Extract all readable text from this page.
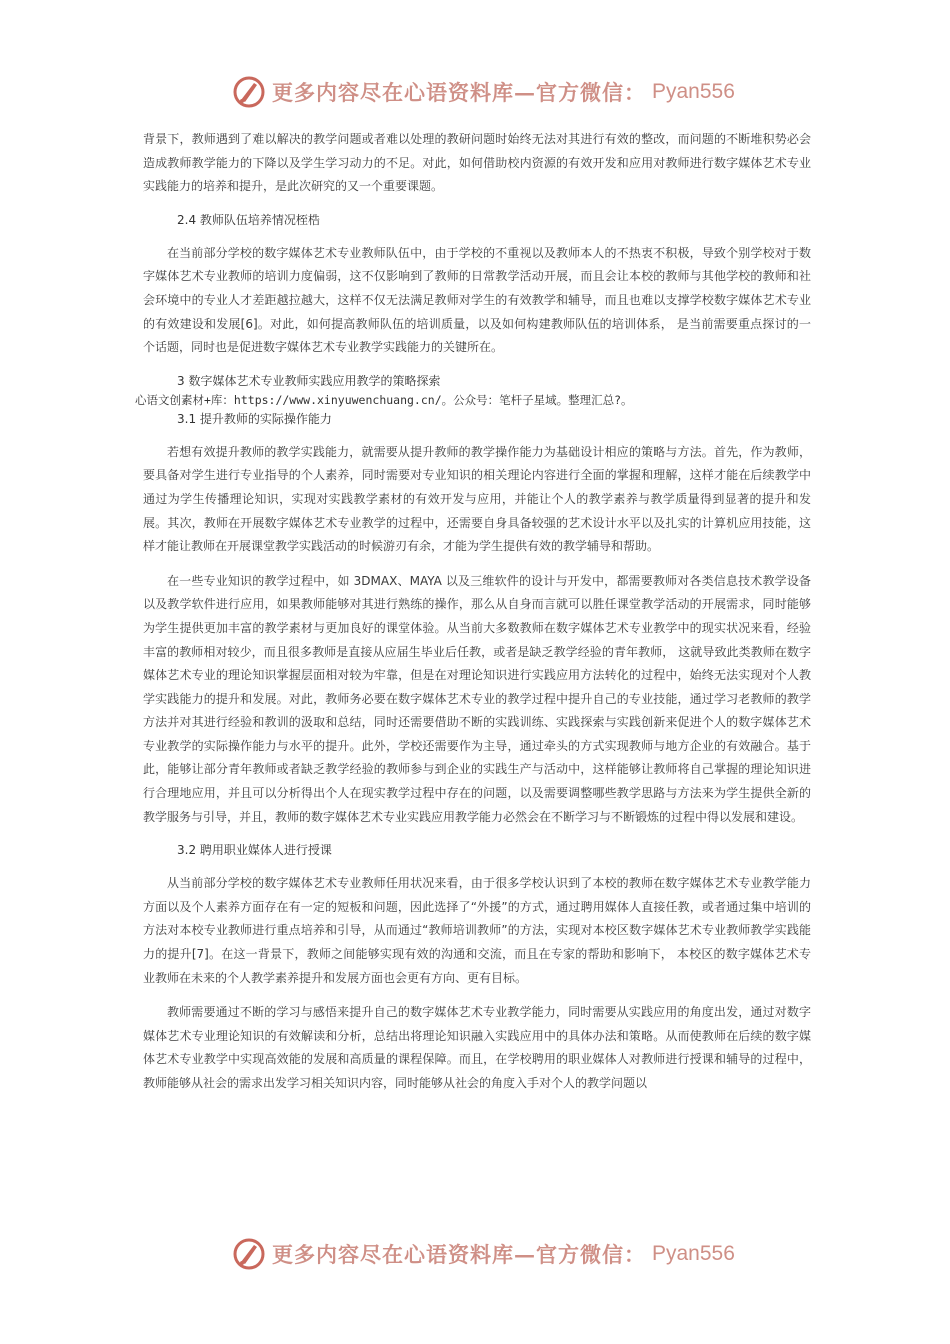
更多内容尽在心语资料库—官方微信： Pyan556

背景下，教师遇到了难以解决的教学问题或者难以处理的教研问题时始终无法对其进行有效的整改，而问题的不断堆积势必会造成教师教学能力的下降以及学生学习动力的不足。对此，如何借助校内资源的有效开发和应用对教师进行数字媒体艺术专业实践能力的培养和提升，是此次研究的又一个重要课题。

2.4 教师队伍培养情况桎梏

在当前部分学校的数字媒体艺术专业教师队伍中，由于学校的不重视以及教师本人的不热衷不积极，导致个别学校对于数字媒体艺术专业教师的培训力度偏弱，这不仅影响到了教师的日常教学活动开展，而且会让本校的教师与其他学校的教师和社会环境中的专业人才差距越拉越大，这样不仅无法满足教师对学生的有效教学和辅导，而且也难以支撑学校数字媒体艺术专业的有效建设和发展[6]。对此，如何提高教师队伍的培训质量，以及如何构建教师队伍的培训体系， 是当前需要重点探讨的一个话题，同时也是促进数字媒体艺术专业教学实践能力的关键所在。

3 数字媒体艺术专业教师实践应用教学的策略探索
心语文创素材+库：https://www.xinyuwenchuang.cn/。公众号：笔杆子星域。整理汇总?。
3.1 提升教师的实际操作能力

若想有效提升教师的教学实践能力，就需要从提升教师的教学操作能力为基础设计相应的策略与方法。首先，作为教师，要具备对学生进行专业指导的个人素养，同时需要对专业知识的相关理论内容进行全面的掌握和理解，这样才能在后续教学中通过为学生传播理论知识，实现对实践教学素材的有效开发与应用，并能让个人的教学素养与教学质量得到显著的提升和发展。其次，教师在开展数字媒体艺术专业教学的过程中，还需要自身具备较强的艺术设计水平以及扎实的计算机应用技能，这样才能让教师在开展课堂教学实践活动的时候游刃有余，才能为学生提供有效的教学辅导和帮助。

在一些专业知识的教学过程中，如 3DMAX、MAYA 以及三维软件的设计与开发中，都需要教师对各类信息技术教学设备以及教学软件进行应用，如果教师能够对其进行熟练的操作，那么从自身而言就可以胜任课堂教学活动的开展需求，同时能够为学生提供更加丰富的教学素材与更加良好的课堂体验。从当前大多数教师在数字媒体艺术专业教学中的现实状况来看，经验丰富的教师相对较少，而且很多教师是直接从应届生毕业后任教，或者是缺乏教学经验的青年教师， 这就导致此类教师在数字媒体艺术专业的理论知识掌握层面相对较为牢靠，但是在对理论知识进行实践应用方法转化的过程中，始终无法实现对个人教学实践能力的提升和发展。对此，教师务必要在数字媒体艺术专业的教学过程中提升自己的专业技能，通过学习老教师的教学方法并对其进行经验和教训的汲取和总结，同时还需要借助不断的实践训练、实践探索与实践创新来促进个人的数字媒体艺术专业教学的实际操作能力与水平的提升。此外，学校还需要作为主导，通过牵头的方式实现教师与地方企业的有效融合。基于此，能够让部分青年教师或者缺乏教学经验的教师参与到企业的实践生产与活动中，这样能够让教师将自己掌握的理论知识进行合理地应用，并且可以分析得出个人在现实教学过程中存在的问题，以及需要调整哪些教学思路与方法来为学生提供全新的教学服务与引导，并且，教师的数字媒体艺术专业实践应用教学能力必然会在不断学习与不断锻炼的过程中得以发展和建设。

3.2 聘用职业媒体人进行授课

从当前部分学校的数字媒体艺术专业教师任用状况来看，由于很多学校认识到了本校的教师在数字媒体艺术专业教学能力方面以及个人素养方面存在有一定的短板和问题，因此选择了“外援”的方式，通过聘用媒体人直接任教，或者通过集中培训的方法对本校专业教师进行重点培养和引导，从而通过“教师培训教师”的方法，实现对本校区数字媒体艺术专业教师教学实践能力的提升[7]。在这一背景下，教师之间能够实现有效的沟通和交流，而且在专家的帮助和影响下， 本校区的数字媒体艺术专业教师在未来的个人教学素养提升和发展方面也会更有方向、更有目标。

教师需要通过不断的学习与感悟来提升自己的数字媒体艺术专业教学能力，同时需要从实践应用的角度出发，通过对数字媒体艺术专业理论知识的有效解读和分析，总结出将理论知识融入实践应用中的具体办法和策略。从而使教师在后续的数字媒体艺术专业教学中实现高效能的发展和高质量的课程保障。而且，在学校聘用的职业媒体人对教师进行授课和辅导的过程中，教师能够从社会的需求出发学习相关知识内容，同时能够从社会的角度入手对个人的教学问题以

更多内容尽在心语资料库—官方微信： Pyan556
